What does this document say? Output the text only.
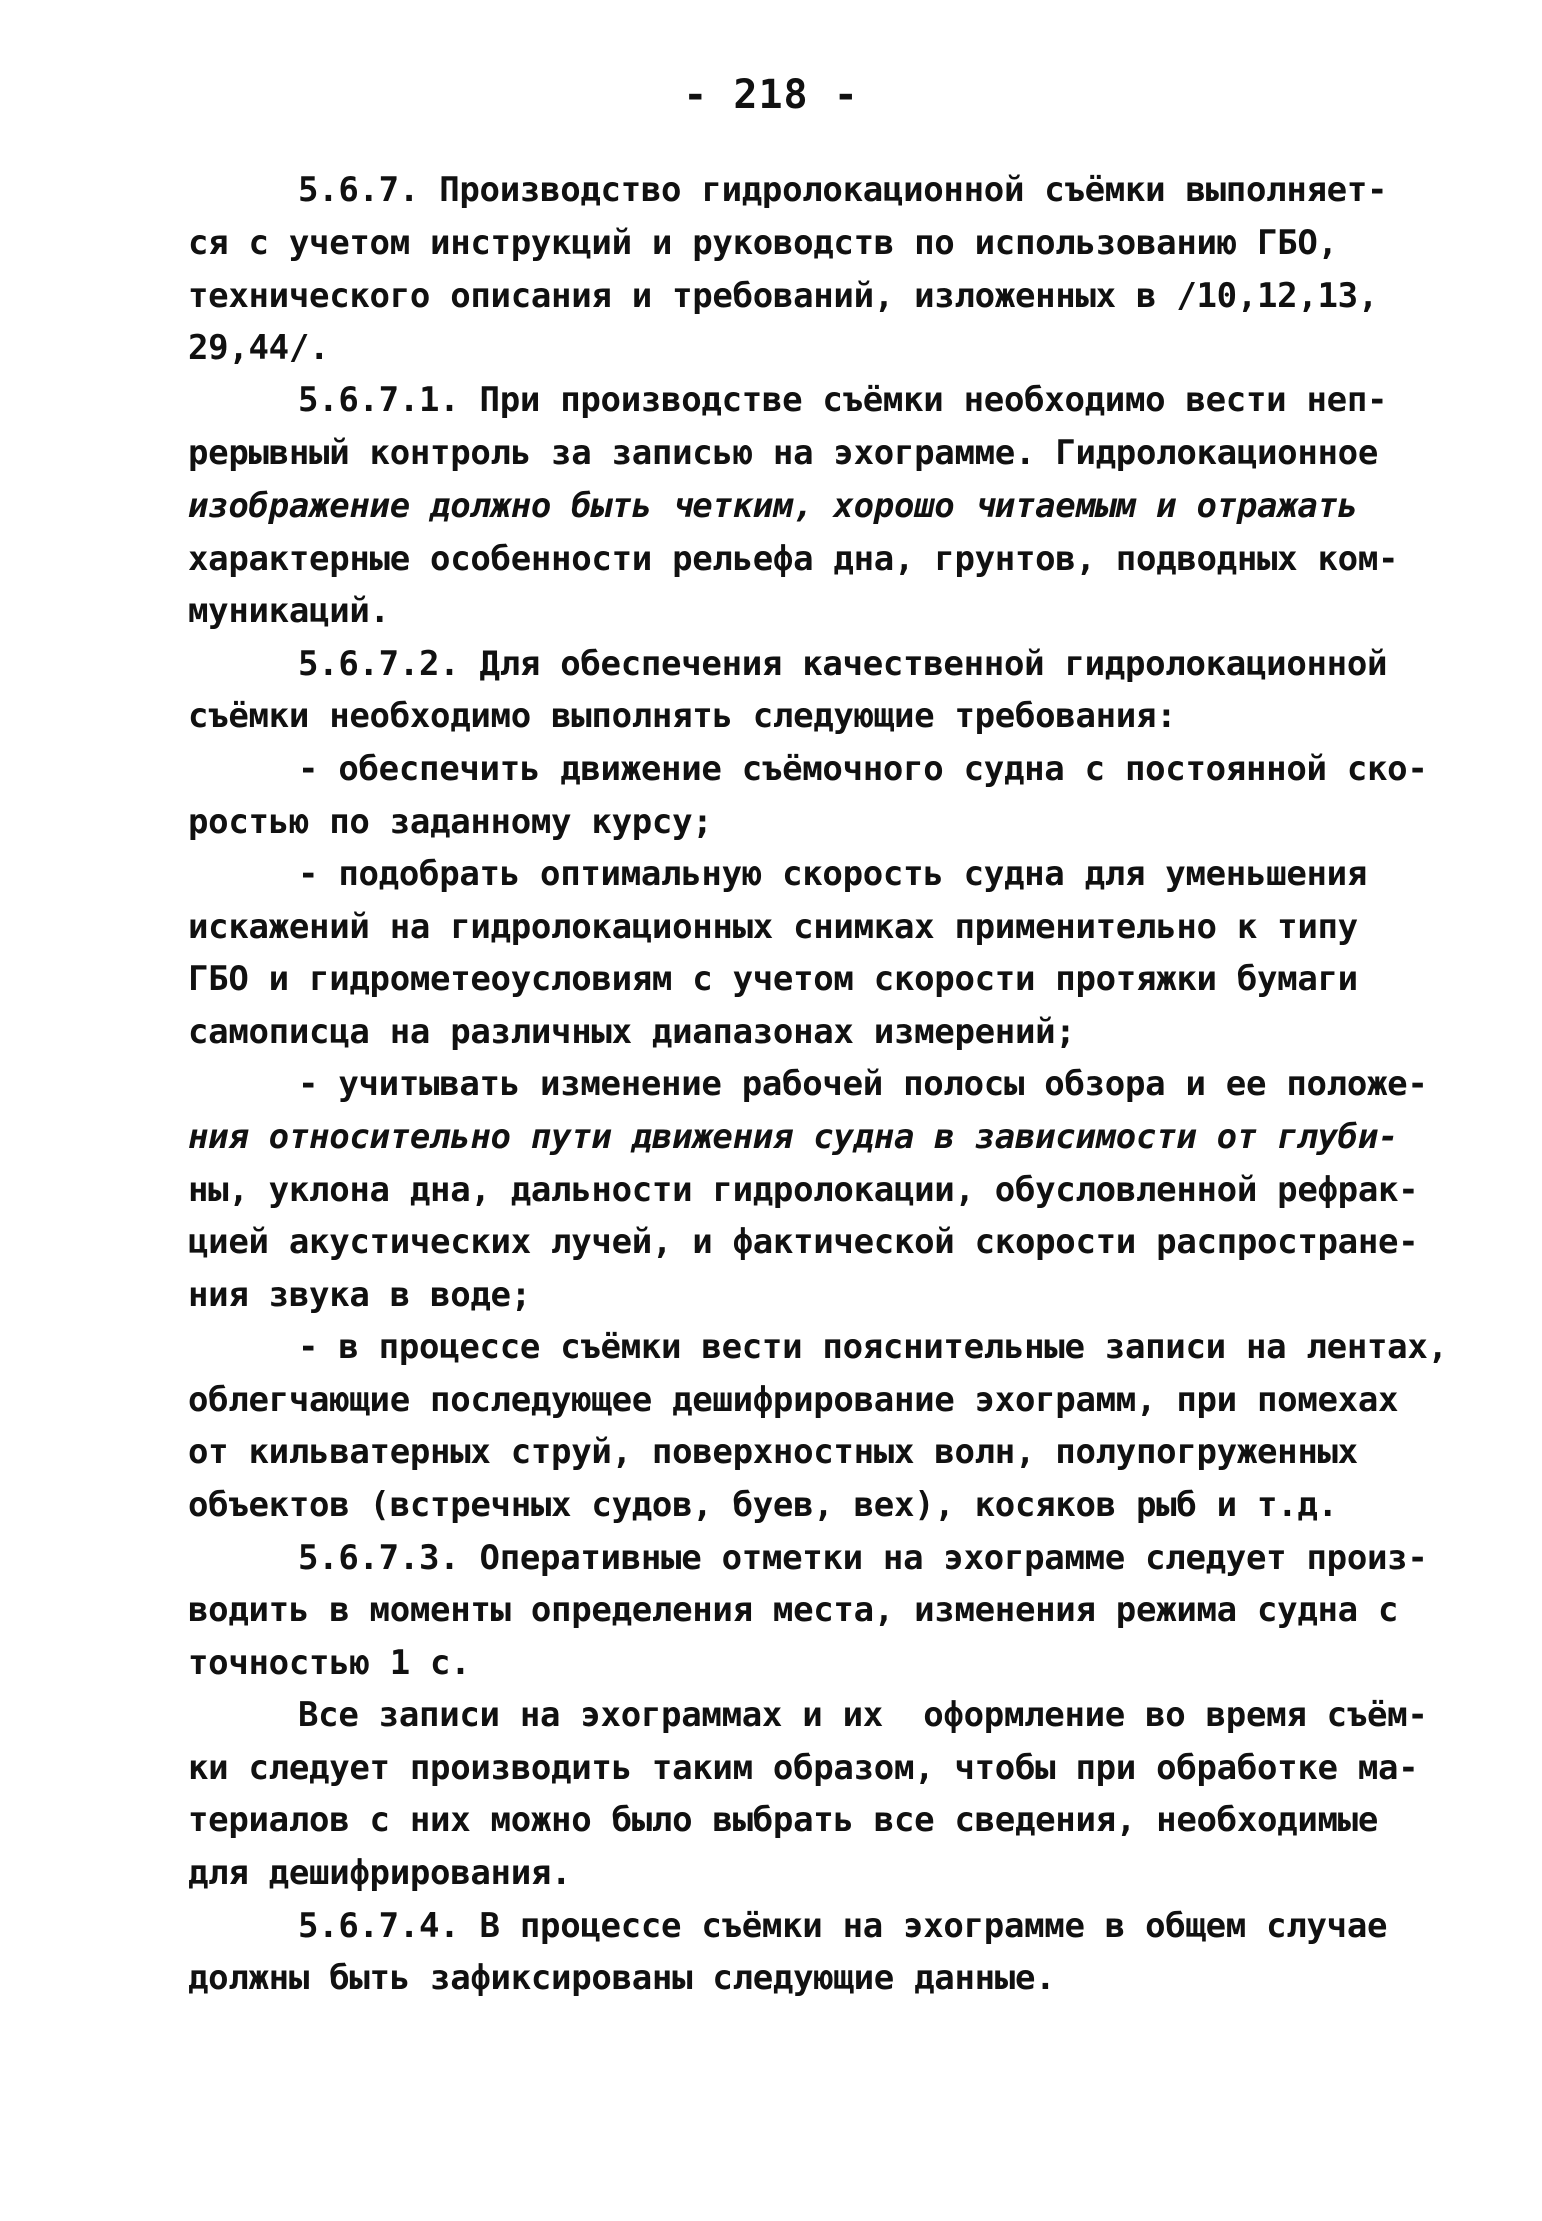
- 218 -
5.6.7. Производство гидролокационной съёмки выполняет-
ся с учетом инструкций и руководств по использованию ГБО,
технического описания и требований, изложенных в /10,12,13,
29,44/.
5.6.7.1. При производстве съёмки необходимо вести неп-
рерывный контроль за записью на эхограмме. Гидролокационное
изображение должно быть четким, хорошо читаемым и отражать
характерные особенности рельефа дна, грунтов, подводных ком-
муникаций.
5.6.7.2. Для обеспечения качественной гидролокационной
съёмки необходимо выполнять следующие требования:
- обеспечить движение съёмочного судна с постоянной ско-
ростью по заданному курсу;
- подобрать оптимальную скорость судна для уменьшения
искажений на гидролокационных снимках применительно к типу
ГБО и гидрометеоусловиям с учетом скорости протяжки бумаги
самописца на различных диапазонах измерений;
- учитывать изменение рабочей полосы обзора и ее положе-
ния относительно пути движения судна в зависимости от глуби-
ны, уклона дна, дальности гидролокации, обусловленной рефрак-
цией акустических лучей, и фактической скорости распростране-
ния звука в воде;
- в процессе съёмки вести пояснительные записи на лентах,
облегчающие последующее дешифрирование эхограмм, при помехах
от кильватерных струй, поверхностных волн, полупогруженных
объектов (встречных судов, буев, вех), косяков рыб и т.д.
5.6.7.3. Оперативные отметки на эхограмме следует произ-
водить в моменты определения места, изменения режима судна с
точностью 1 с.
Все записи на эхограммах и их  оформление во время съём-
ки следует производить таким образом, чтобы при обработке ма-
териалов с них можно было выбрать все сведения, необходимые
для дешифрирования.
5.6.7.4. В процессе съёмки на эхограмме в общем случае
должны быть зафиксированы следующие данные.
